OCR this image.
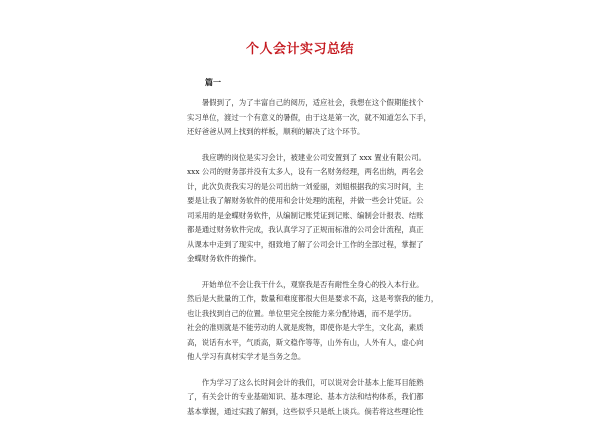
个人会计实习总结
篇一
　　暑假到了，为了丰富自己的阅历，适应社会，我想在这个假期能找个
实习单位，渡过一个有意义的暑假，由于这是第一次，就不知道怎么下手，
还好爸爸从网上找到的样板，顺利的解决了这个环节。
　　我应聘的岗位是实习会计，被建业公司安置到了 xxx 置业有限公司。
xxx 公司的财务部并没有太多人，设有一名财务经理，两名出纳，两名会
计，此次负责我实习的是公司出纳一刘爱丽，刘姐根据我的实习时间，主
要是让我了解财务软件的使用和会计处理的流程，并做一些会计凭证。公
司采用的是金蝶财务软件，从编制记账凭证到记账、编制会计报表、结账
都是通过财务软件完成，我认真学习了正规而标准的公司会计流程，真正
从课本中走到了现实中，细致地了解了公司会计工作的全部过程，掌握了
金蝶财务软件的操作。
　　开始单位不会让我干什么，观察我是否有耐性全身心的投入本行业。
然后是大批量的工作，数量和难度都很大但是要求不高，这是考察我的能力，
也让我找到自己的位置。单位里完全按能力来分配待遇，而不是学历。
社会的准则就是不能劳动的人就是废物，即使你是大学生，文化高，素质
高，说话有水平，气质高，斯文稳作等等，山外有山，人外有人，虚心向
他人学习有真材实学才是当务之急。
　　作为学习了这么长时间会计的我们，可以说对会计基本上能耳目能熟
了，有关会计的专业基础知识、基本理论、基本方法和结构体系，我们都
基本掌握，通过实践了解到，这些似乎只是纸上谈兵。倘若将这些理论性
